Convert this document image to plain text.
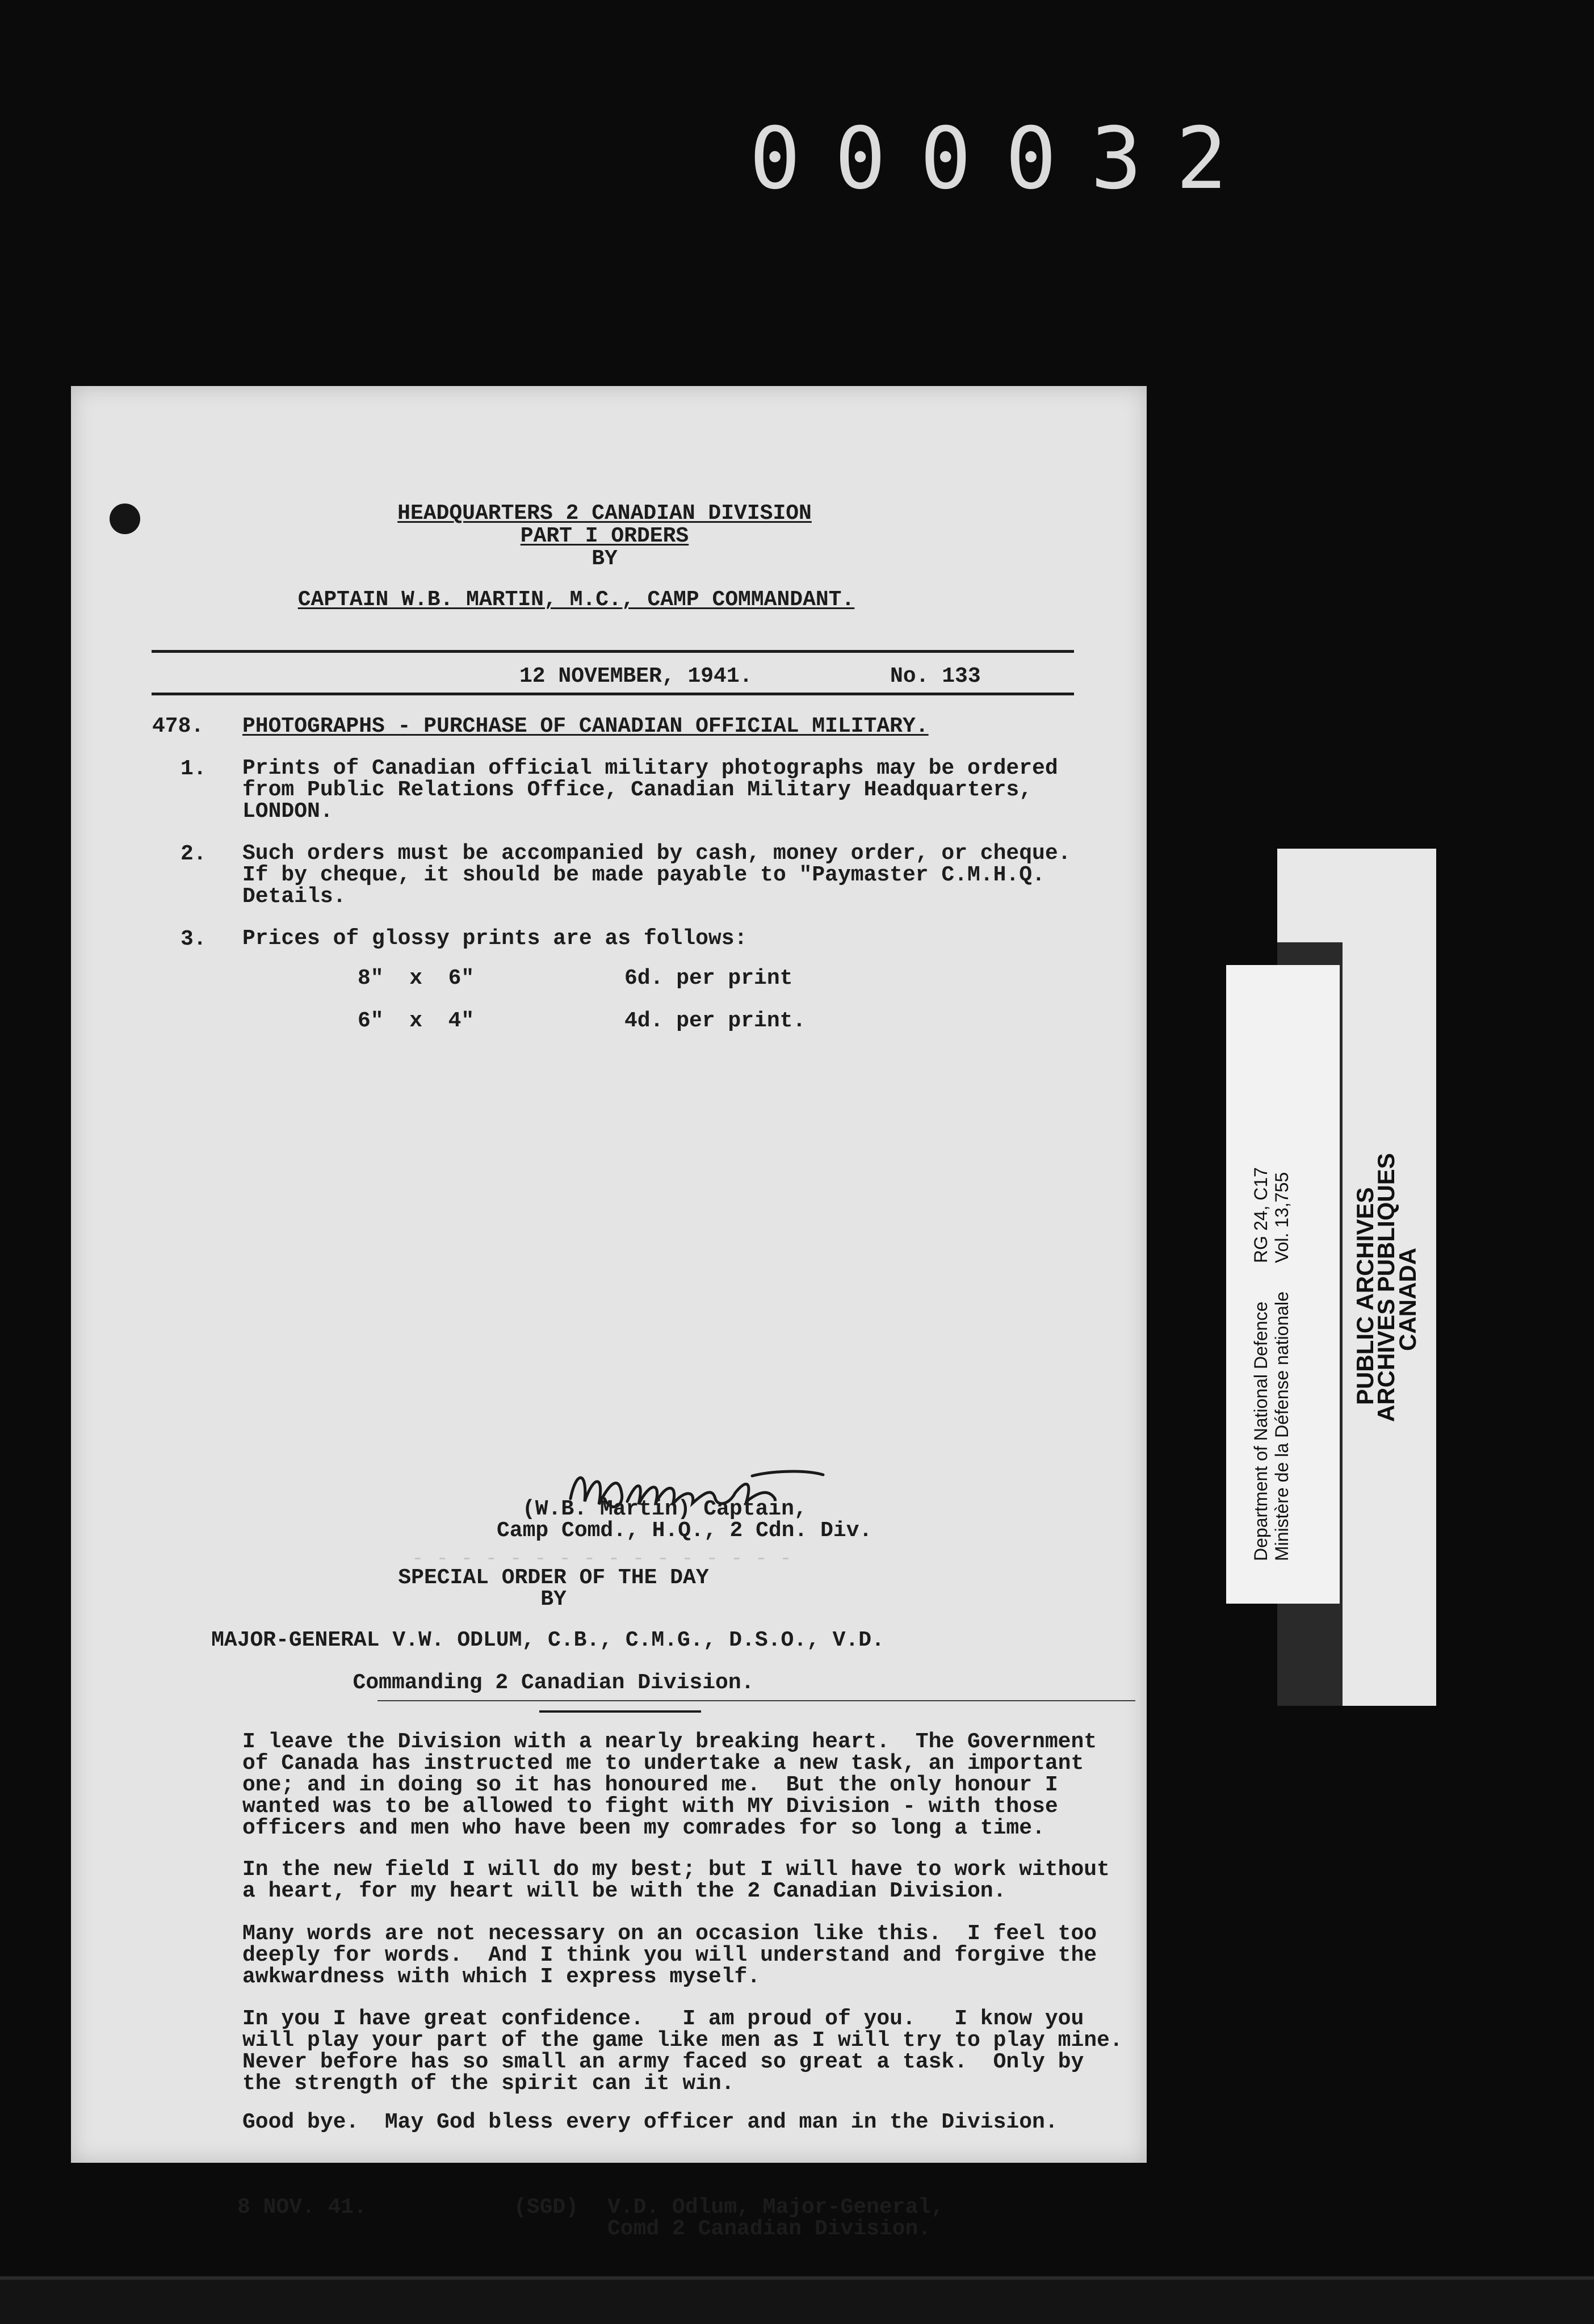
000032
HEADQUARTERS 2 CANADIAN DIVISION
PART I ORDERS
BY
CAPTAIN W.B. MARTIN, M.C., CAMP COMMANDANT.
12 NOVEMBER, 1941.	No. 133
478. PHOTOGRAPHS - PURCHASE OF CANADIAN OFFICIAL MILITARY.
1. Prints of Canadian official military photographs may be ordered
from Public Relations Office, Canadian Military Headquarters,
LONDON.
2. Such orders must be accompanied by cash, money order, or cheque.
If by cheque, it should be made payable to "Paymaster C.M.H.Q.
Details.
3. Prices of glossy prints are as follows:
8"  x  6"	6d. per print
6"  x  4"	4d. per print.
(W.B. Martin) Captain,
Camp Comd., H.Q., 2 Cdn. Div.
- - - - - - - - - - - - - - - -
SPECIAL ORDER OF THE DAY
BY
MAJOR-GENERAL V.W. ODLUM, C.B., C.M.G., D.S.O., V.D.
Commanding 2 Canadian Division.
I leave the Division with a nearly breaking heart.  The Government
of Canada has instructed me to undertake a new task, an important
one; and in doing so it has honoured me.  But the only honour I
wanted was to be allowed to fight with MY Division - with those
officers and men who have been my comrades for so long a time.
In the new field I will do my best; but I will have to work without
a heart, for my heart will be with the 2 Canadian Division.
Many words are not necessary on an occasion like this.  I feel too
deeply for words.  And I think you will understand and forgive the
awkwardness with which I express myself.
In you I have great confidence.   I am proud of you.   I know you
will play your part of the game like men as I will try to play mine.
Never before has so small an army faced so great a task.  Only by
the strength of the spirit can it win.
Good bye.  May God bless every officer and man in the Division.
8 NOV. 41.	(SGD) V.D. Odlum, Major-General,
Comd 2 Canadian Division.
Department of National Defence Ministère de la Défense nationale
RG 24, C17 Vol. 13,755	PUBLIC ARCHIVES
ARCHIVES PUBLIQUES
CANADA
